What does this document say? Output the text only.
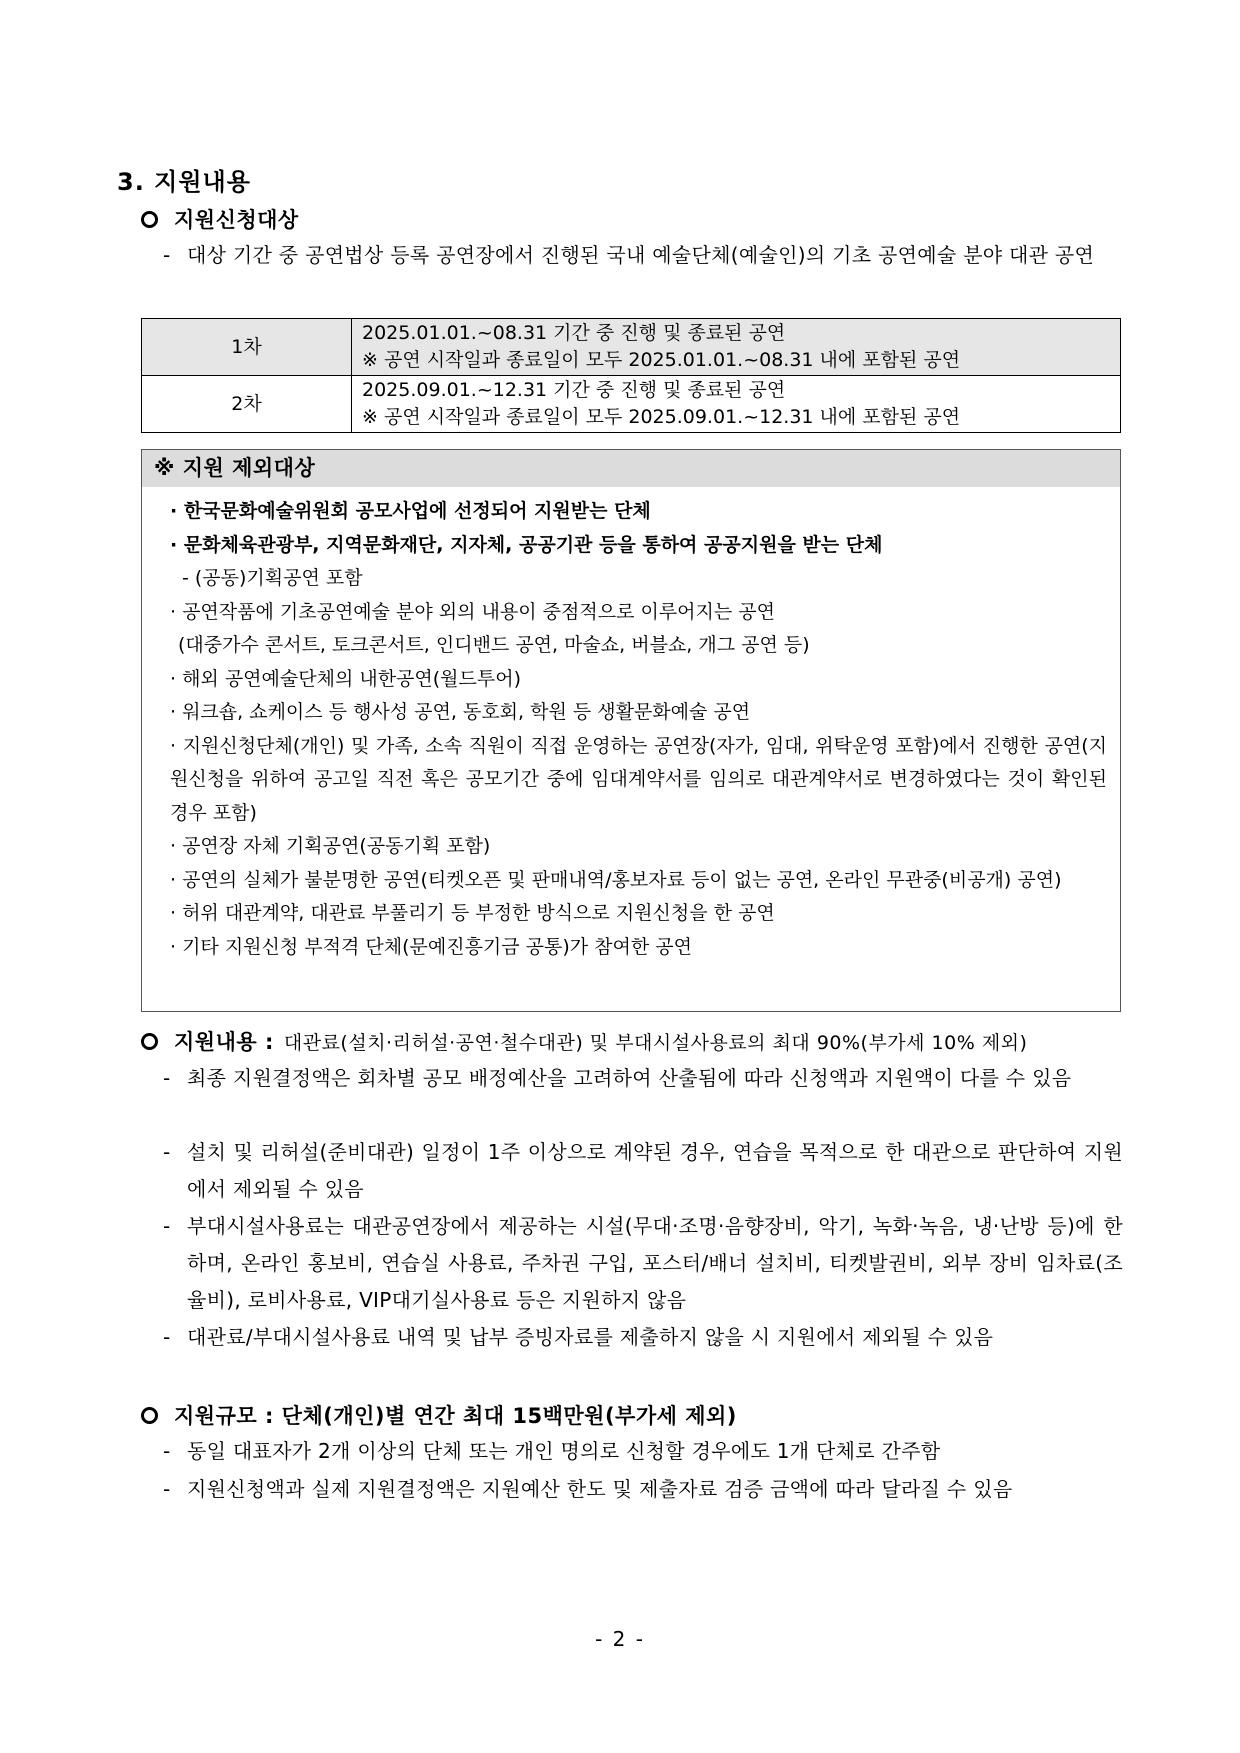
3. 지원내용
지원신청대상
- 대상 기간 중 공연법상 등록 공연장에서 진행된 국내 예술단체(예술인)의 기초 공연예술 분야 대관 공연
1차	2025.01.01.~08.31 기간 중 진행 및 종료된 공연
※ 공연 시작일과 종료일이 모두 2025.01.01.~08.31 내에 포함된 공연

2차	2025.09.01.~12.31 기간 중 진행 및 종료된 공연
※ 공연 시작일과 종료일이 모두 2025.09.01.~12.31 내에 포함된 공연
※ 지원 제외대상
· 한국문화예술위원회 공모사업에 선정되어 지원받는 단체
· 문화체육관광부, 지역문화재단, 지자체, 공공기관 등을 통하여 공공지원을 받는 단체
- (공동)기획공연 포함
· 공연작품에 기초공연예술 분야 외의 내용이 중점적으로 이루어지는 공연
(대중가수 콘서트, 토크콘서트, 인디밴드 공연, 마술쇼, 버블쇼, 개그 공연 등)
· 해외 공연예술단체의 내한공연(월드투어)
· 워크숍, 쇼케이스 등 행사성 공연, 동호회, 학원 등 생활문화예술 공연
· 지원신청단체(개인) 및 가족, 소속 직원이 직접 운영하는 공연장(자가, 임대, 위탁운영 포함)에서 진행한 공연(지원신청을 위하여 공고일 직전 혹은 공모기간 중에 임대계약서를 임의로 대관계약서로 변경하였다는 것이 확인된 경우 포함)
· 공연장 자체 기획공연(공동기획 포함)
· 공연의 실체가 불분명한 공연(티켓오픈 및 판매내역/홍보자료 등이 없는 공연, 온라인 무관중(비공개) 공연)
· 허위 대관계약, 대관료 부풀리기 등 부정한 방식으로 지원신청을 한 공연
· 기타 지원신청 부적격 단체(문예진흥기금 공통)가 참여한 공연
지원내용 : 대관료(설치·리허설·공연·철수대관) 및 부대시설사용료의 최대 90%(부가세 10% 제외)
- 최종 지원결정액은 회차별 공모 배정예산을 고려하여 산출됨에 따라 신청액과 지원액이 다를 수 있음
- 설치 및 리허설(준비대관) 일정이 1주 이상으로 계약된 경우, 연습을 목적으로 한 대관으로 판단하여 지원에서 제외될 수 있음
- 부대시설사용료는 대관공연장에서 제공하는 시설(무대·조명·음향장비, 악기, 녹화·녹음, 냉·난방 등)에 한하며, 온라인 홍보비, 연습실 사용료, 주차권 구입, 포스터/배너 설치비, 티켓발권비, 외부 장비 임차료(조율비), 로비사용료, VIP대기실사용료 등은 지원하지 않음
- 대관료/부대시설사용료 내역 및 납부 증빙자료를 제출하지 않을 시 지원에서 제외될 수 있음
지원규모 : 단체(개인)별 연간 최대 15백만원(부가세 제외)
- 동일 대표자가 2개 이상의 단체 또는 개인 명의로 신청할 경우에도 1개 단체로 간주함
- 지원신청액과 실제 지원결정액은 지원예산 한도 및 제출자료 검증 금액에 따라 달라질 수 있음
- 2 -
